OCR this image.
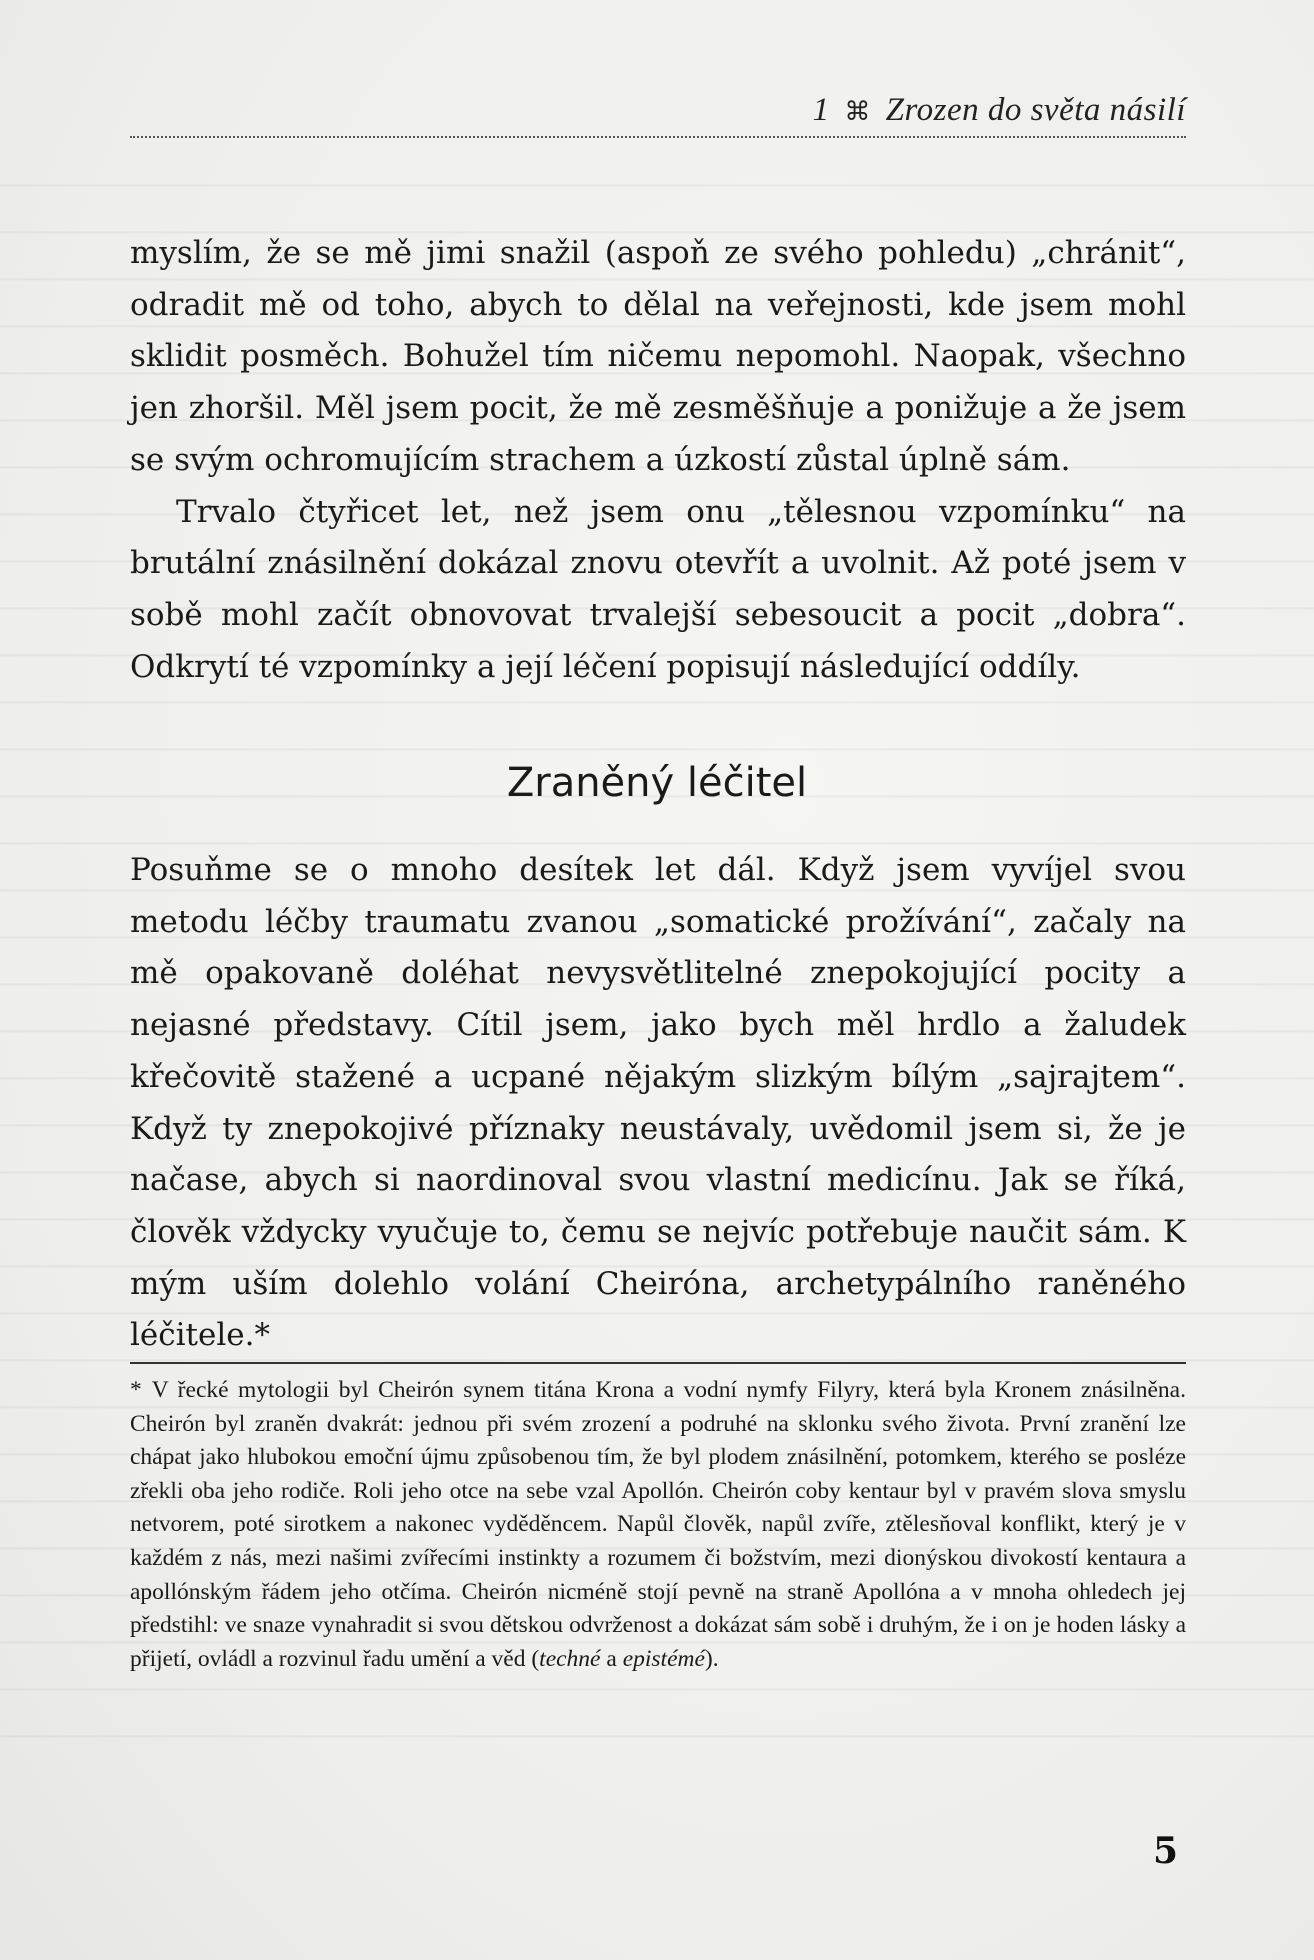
1 ⌘ Zrozen do světa násilí

myslím, že se mě jimi snažil (aspoň ze svého pohledu) „chránit“, odradit mě od toho, abych to dělal na veřejnosti, kde jsem mohl sklidit posměch. Bohužel tím ničemu nepomohl. Naopak, všechno jen zhoršil. Měl jsem pocit, že mě zesměšňuje a ponižuje a že jsem se svým ochromujícím strachem a úzkostí zůstal úplně sám.

Trvalo čtyřicet let, než jsem onu „tělesnou vzpomínku“ na brutální znásilnění dokázal znovu otevřít a uvolnit. Až poté jsem v sobě mohl začít obnovovat trvalejší sebesoucit a pocit „dobra“. Odkrytí té vzpomínky a její léčení popisují následující oddíly.

Zraněný léčitel

Posuňme se o mnoho desítek let dál. Když jsem vyvíjel svou metodu léčby traumatu zvanou „somatické prožívání“, začaly na mě opakovaně doléhat nevysvětlitelné znepokojující pocity a nejasné představy. Cítil jsem, jako bych měl hrdlo a žaludek křečovitě stažené a ucpané nějakým slizkým bílým „sajrajtem“. Když ty znepokojivé příznaky neustávaly, uvědomil jsem si, že je načase, abych si naordinoval svou vlastní medicínu. Jak se říká, člověk vždycky vyučuje to, čemu se nejvíc potřebuje naučit sám. K mým uším dolehlo volání Cheiróna, archetypálního raněného léčitele.*

* V řecké mytologii byl Cheirón synem titána Krona a vodní nymfy Filyry, která byla Kronem znásilněna. Cheirón byl zraněn dvakrát: jednou při svém zrození a podruhé na sklonku svého života. První zranění lze chápat jako hlubokou emoční újmu způsobenou tím, že byl plodem znásilnění, potomkem, kterého se posléze zřekli oba jeho rodiče. Roli jeho otce na sebe vzal Apollón. Cheirón coby kentaur byl v pravém slova smyslu netvorem, poté sirotkem a nakonec vyděděncem. Napůl člověk, napůl zvíře, ztělesňoval konflikt, který je v každém z nás, mezi našimi zvířecími instinkty a rozumem či božstvím, mezi dionýskou divokostí kentaura a apollónským řádem jeho otčíma. Cheirón nicméně stojí pevně na straně Apollóna a v mnoha ohledech jej předstihl: ve snaze vynahradit si svou dětskou odvrženost a dokázat sám sobě i druhým, že i on je hoden lásky a přijetí, ovládl a rozvinul řadu umění a věd (techné a epistémé).

5
